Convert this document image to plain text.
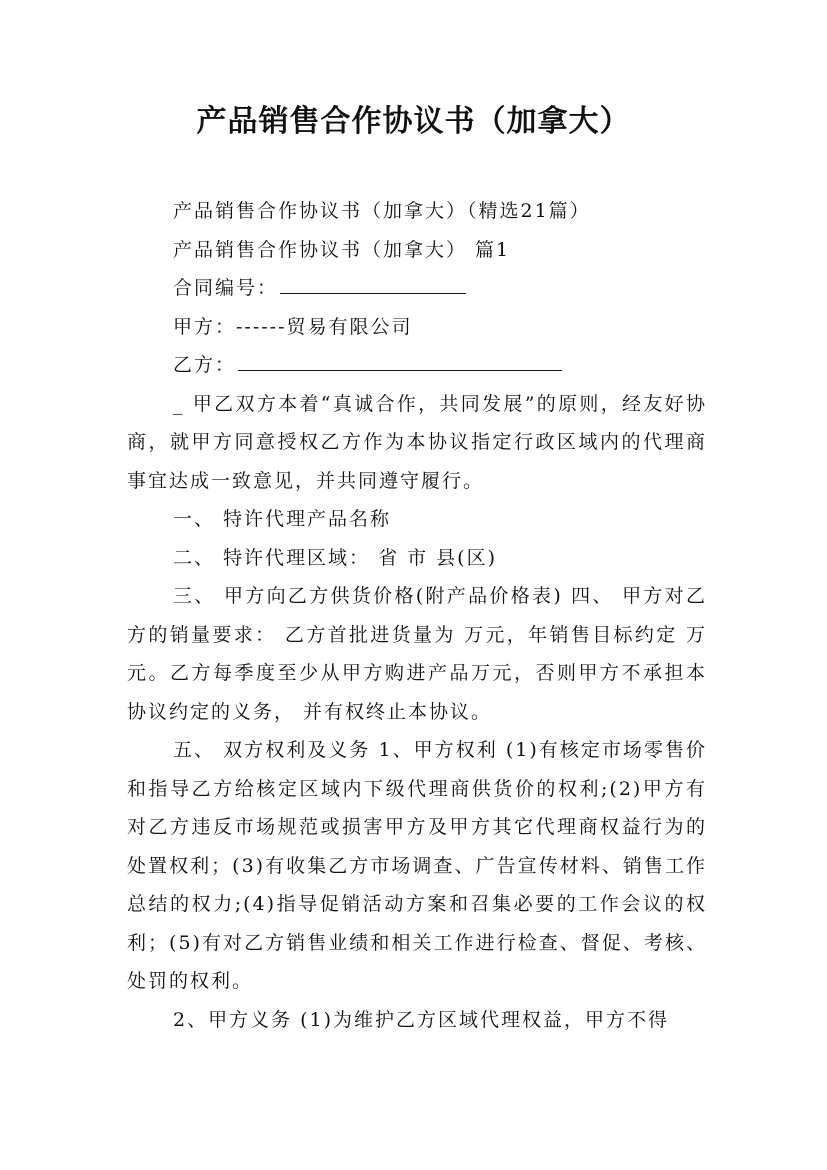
产品销售合作协议书（加拿大）

产品销售合作协议书（加拿大）（精选21篇）

产品销售合作协议书（加拿大） 篇1

合同编号：

甲方：------贸易有限公司

乙方：

_ 甲乙双方本着“真诚合作，共同发展”的原则，经友好协商，就甲方同意授权乙方作为本协议指定行政区域内的代理商事宜达成一致意见，并共同遵守履行。

一、 特许代理产品名称

二、 特许代理区域： 省 市 县(区)

三、 甲方向乙方供货价格(附产品价格表) 四、 甲方对乙方的销量要求： 乙方首批进货量为 万元，年销售目标约定 万元。乙方每季度至少从甲方购进产品万元，否则甲方不承担本协议约定的义务， 并有权终止本协议。

五、 双方权利及义务 1、甲方权利 (1)有核定市场零售价和指导乙方给核定区域内下级代理商供货价的权利;(2)甲方有对乙方违反市场规范或损害甲方及甲方其它代理商权益行为的处置权利；(3)有收集乙方市场调查、广告宣传材料、销售工作总结的权力;(4)指导促销活动方案和召集必要的工作会议的权利；(5)有对乙方销售业绩和相关工作进行检查、督促、考核、处罚的权利。

2、甲方义务 (1)为维护乙方区域代理权益，甲方不得
